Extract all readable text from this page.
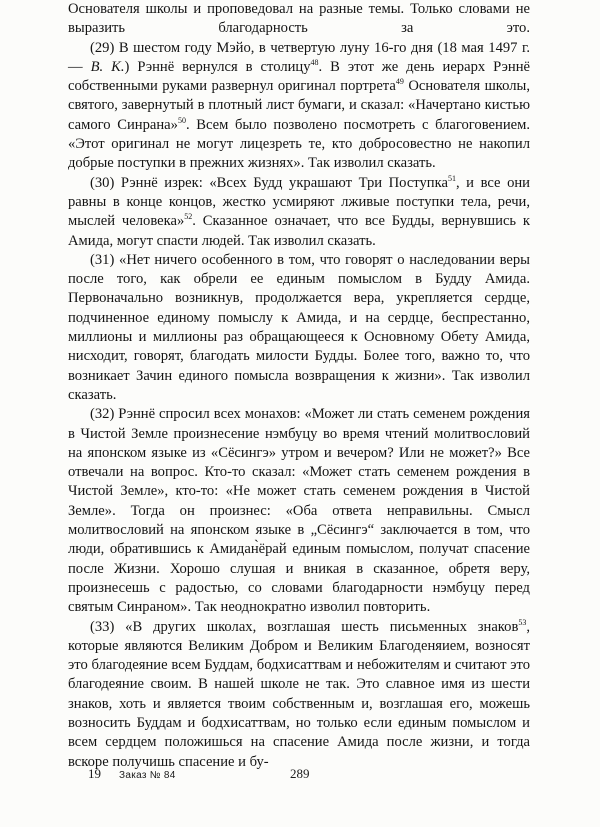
Основателя школы и проповедовал на разные темы. Только словами не выразить благодарность за это.

(29) В шестом году Мэйо, в четвертую луну 16-го дня (18 мая 1497 г. — В. К.) Рэннё вернулся в столицу$^{48}$. В этот же день иерарх Рэннё собственными руками развернул оригинал портрета$^{49}$ Основателя школы, святого, завернутый в плотный лист бумаги, и сказал: «Начертано кистью самого Синрана»$^{50}$. Всем было позволено посмотреть с благоговением. «Этот оригинал не могут лицезреть те, кто добросовестно не накопил добрые поступки в прежних жизнях». Так изволил сказать.

(30) Рэннё изрек: «Всех Будд украшают Три Поступка$^{51}$, и все они равны в конце концов, жестко усмиряют лживые поступки тела, речи, мыслей человека»$^{52}$. Сказанное означает, что все Будды, вернувшись к Амида, могут спасти людей. Так изволил сказать.

(31) «Нет ничего особенного в том, что говорят о наследовании веры после того, как обрели ее единым помыслом в Будду Амида. Первоначально возникнув, продолжается вера, укрепляется сердце, подчиненное единому помыслу к Амида, и на сердце, беспрестанно, миллионы и миллионы раз обращающееся к Основному Обету Амида, нисходит, говорят, благодать милости Будды. Более того, важно то, что возникает Зачин единого помысла возвращения к жизни». Так изволил сказать.

(32) Рэннё спросил всех монахов: «Может ли стать семенем рождения в Чистой Земле произнесение нэмбуцу во время чтений молитвословий на японском языке из «Сёсингэ» утром и вечером? Или не может?» Все отвечали на вопрос. Кто-то сказал: «Может стать семенем рождения в Чистой Земле», кто-то: «Не может стать семенем рождения в Чистой Земле». Тогда он произнес: «Оба ответа неправильны. Смысл молитвословий на японском языке в „Сёсингэ“ заключается в том, что люди, обратившись к Амидан̀ёрай единым помыслом, получат спасение после Жизни. Хорошо слушая и вникая в сказанное, обретя веру, произнесешь с радостью, со словами благодарности нэмбуцу перед святым Синраном». Так неоднократно изволил повторить.

(33) «В других школах, возглашая шесть письменных знаков$^{53}$, которые являются Великим Добром и Великим Благоденяием, возносят это благодеяние всем Буддам, бодхисаттвам и небожителям и считают это благодеяние своим. В нашей школе не так. Это славное имя из шести знаков, хоть и является твоим собственным и, возглашая его, можешь возносить Буддам и бодхисаттвам, но только если единым помыслом и всем сердцем положишься на спасение Амида после жизни, и тогда вскоре получишь спасение и бу-

19 Заказ № 84	289
